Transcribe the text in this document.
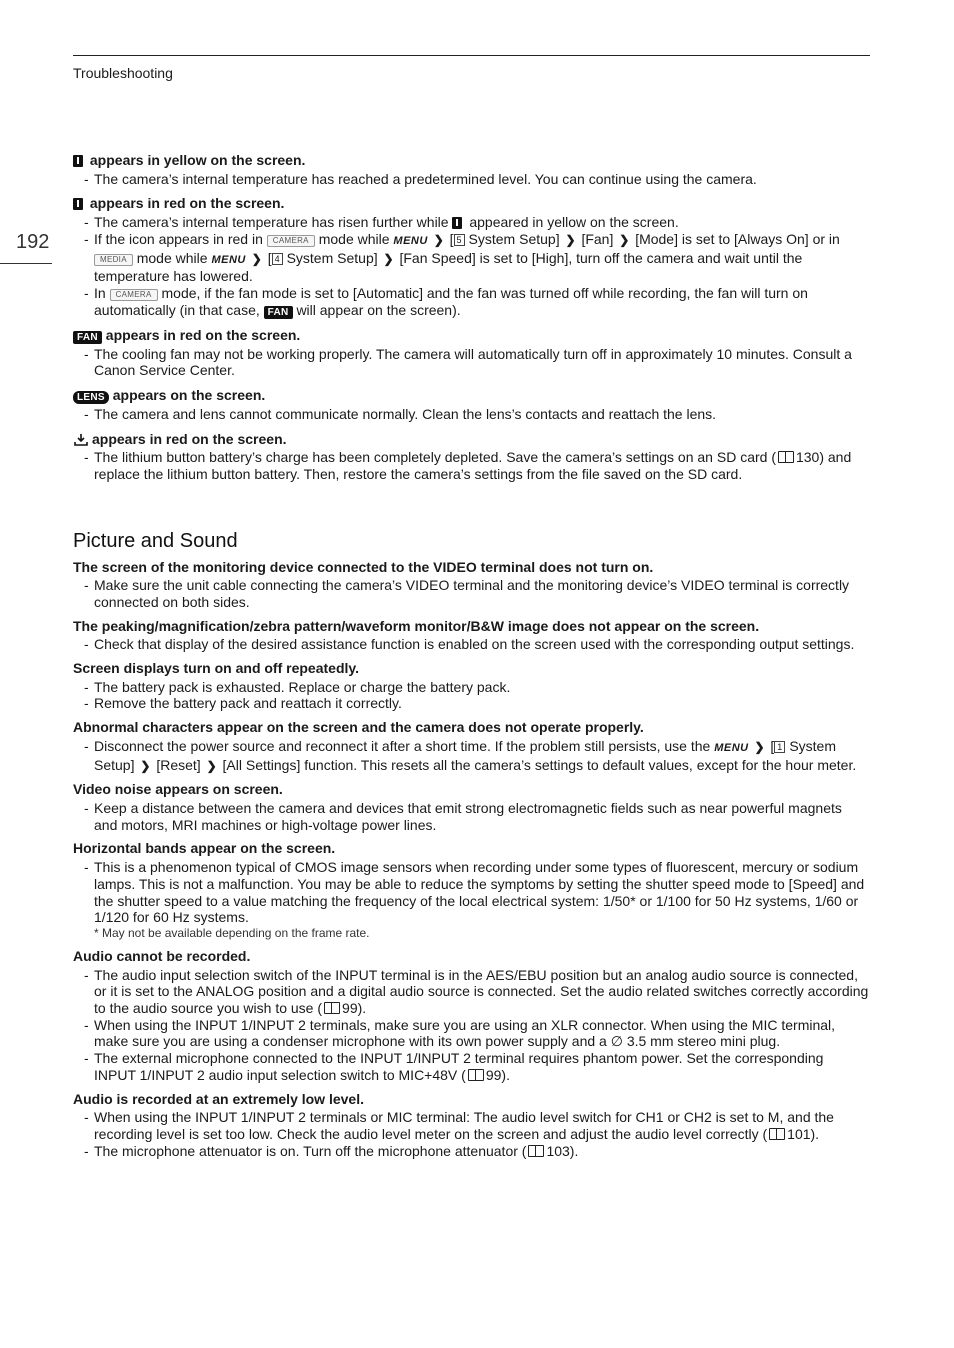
Troubleshooting
192

appears in yellow on the screen.

- The camera’s internal temperature has reached a predetermined level. You can continue using the camera.

appears in red on the screen.

- The camera’s internal temperature has risen further while appeared in yellow on the screen.
- If the icon appears in red in CAMERA mode while MENU ❯ [ 5 System Setup] ❯ [Fan] ❯ [Mode] is set to [Always On] or in MEDIA mode while MENU ❯ [ 4 System Setup] ❯ [Fan Speed] is set to [High], turn off the camera and wait until the temperature has lowered.
- In CAMERA mode, if the fan mode is set to [Automatic] and the fan was turned off while recording, the fan will turn on automatically (in that case, FAN will appear on the screen).

FAN appears in red on the screen.

- The cooling fan may not be working properly. The camera will automatically turn off in approximately 10 minutes. Consult a Canon Service Center.

LENS appears on the screen.

- The camera and lens cannot communicate normally. Clean the lens’s contacts and reattach the lens.

appears in red on the screen.

- The lithium button battery’s charge has been completely depleted. Save the camera’s settings on an SD card ( 130) and replace the lithium button battery. Then, restore the camera’s settings from the file saved on the SD card.
Picture and Sound

The screen of the monitoring device connected to the VIDEO terminal does not turn on.

- Make sure the unit cable connecting the camera’s VIDEO terminal and the monitoring device’s VIDEO terminal is correctly connected on both sides.

The peaking/magnification/zebra pattern/waveform monitor/B&W image does not appear on the screen.

- Check that display of the desired assistance function is enabled on the screen used with the corresponding output settings.

Screen displays turn on and off repeatedly.

- The battery pack is exhausted. Replace or charge the battery pack.
- Remove the battery pack and reattach it correctly.

Abnormal characters appear on the screen and the camera does not operate properly.

- Disconnect the power source and reconnect it after a short time. If the problem still persists, use the MENU ❯ [ 1 System Setup] ❯ [Reset] ❯ [All Settings] function. This resets all the camera’s settings to default values, except for the hour meter.

Video noise appears on screen.

- Keep a distance between the camera and devices that emit strong electromagnetic fields such as near powerful magnets and motors, MRI machines or high-voltage power lines.

Horizontal bands appear on the screen.

- This is a phenomenon typical of CMOS image sensors when recording under some types of fluorescent, mercury or sodium lamps. This is not a malfunction. You may be able to reduce the symptoms by setting the shutter speed mode to [Speed] and the shutter speed to a value matching the frequency of the local electrical system: 1/50* or 1/100 for 50 Hz systems, 1/60 or 1/120 for 60 Hz systems.
* May not be available depending on the frame rate.

Audio cannot be recorded.

- The audio input selection switch of the INPUT terminal is in the AES/EBU position but an analog audio source is connected, or it is set to the ANALOG position and a digital audio source is connected. Set the audio related switches correctly according to the audio source you wish to use ( 99).
- When using the INPUT 1/INPUT 2 terminals, make sure you are using an XLR connector. When using the MIC terminal, make sure you are using a condenser microphone with its own power supply and a ∅ 3.5 mm stereo mini plug.
- The external microphone connected to the INPUT 1/INPUT 2 terminal requires phantom power. Set the corresponding INPUT 1/INPUT 2 audio input selection switch to MIC+48V ( 99).

Audio is recorded at an extremely low level.

- When using the INPUT 1/INPUT 2 terminals or MIC terminal: The audio level switch for CH1 or CH2 is set to M, and the recording level is set too low. Check the audio level meter on the screen and adjust the audio level correctly ( 101).
- The microphone attenuator is on. Turn off the microphone attenuator ( 103).
